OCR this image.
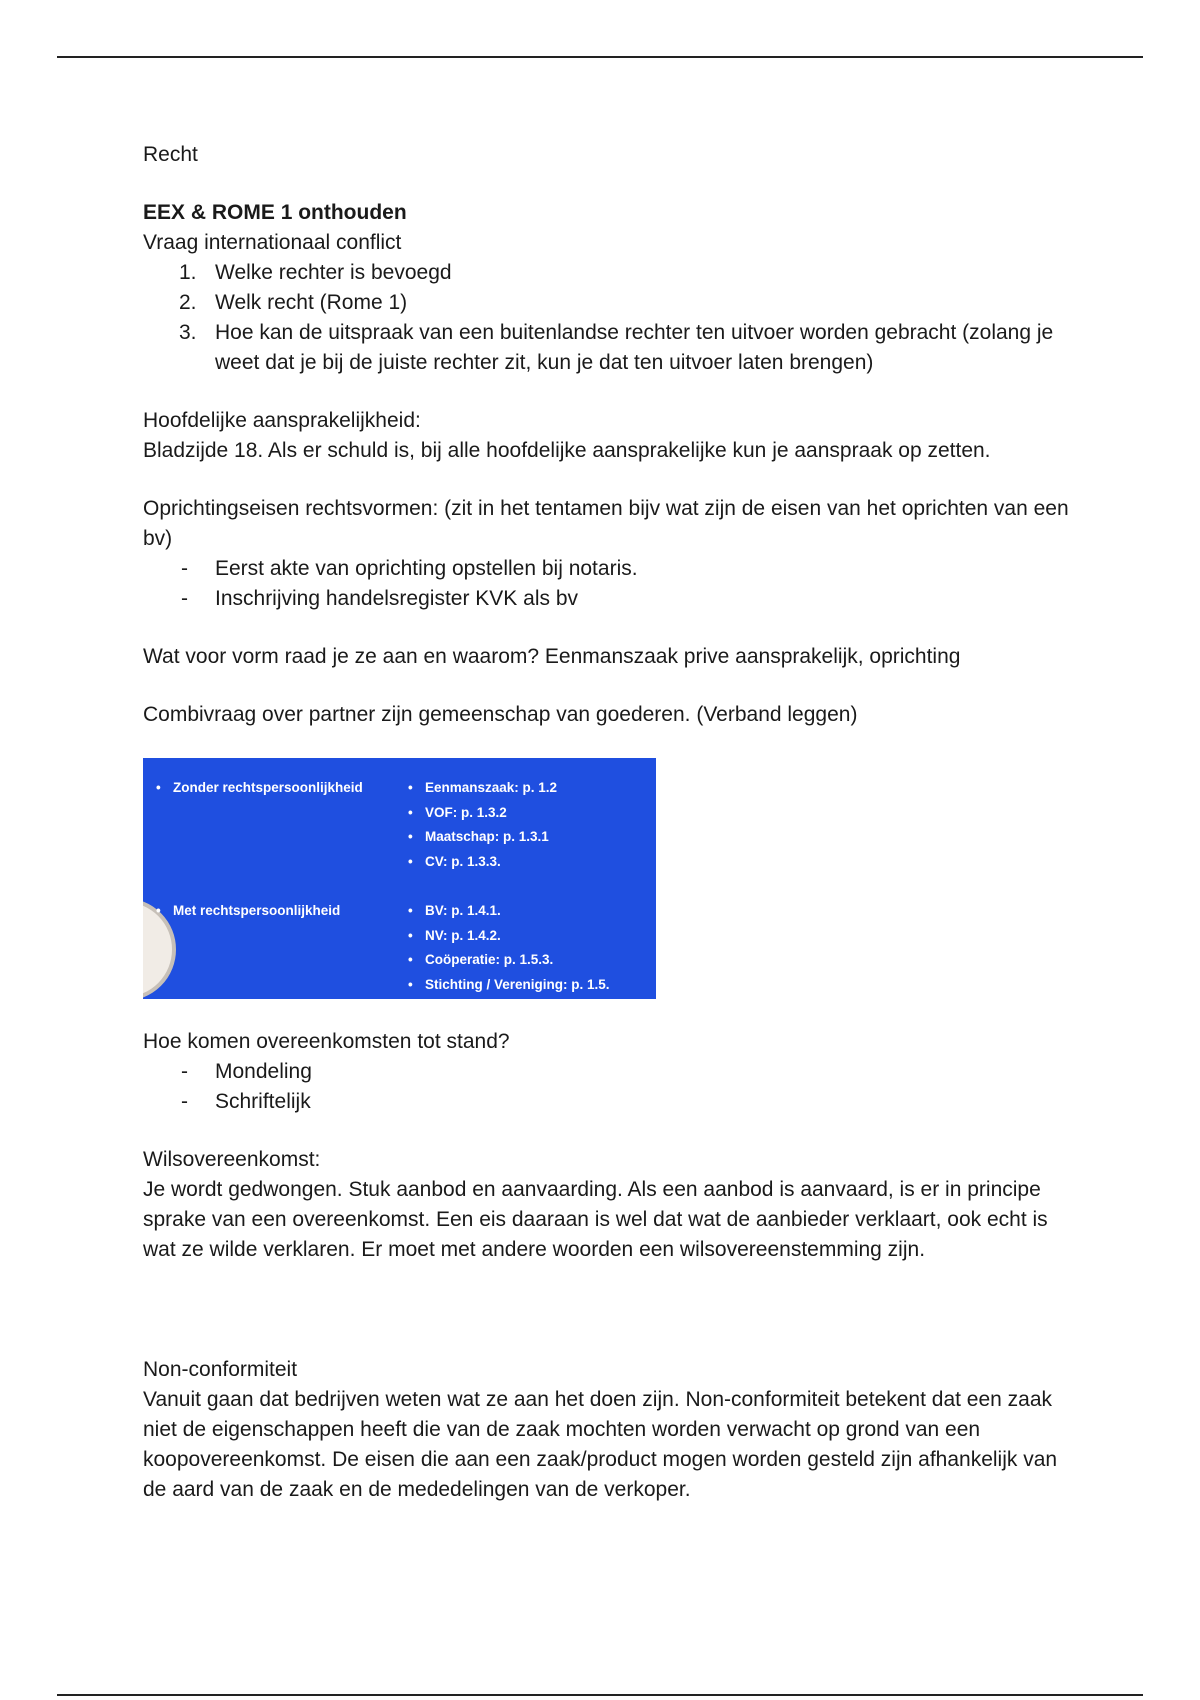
Recht

EEX & ROME 1 onthouden

Vraag internationaal conflict

1. Welke rechter is bevoegd
2. Welk recht (Rome 1)
3. Hoe kan de uitspraak van een buitenlandse rechter ten uitvoer worden gebracht (zolang je weet dat je bij de juiste rechter zit, kun je dat ten uitvoer laten brengen)

Hoofdelijke aansprakelijkheid:

Bladzijde 18. Als er schuld is, bij alle hoofdelijke aansprakelijke kun je aanspraak op zetten.

Oprichtingseisen rechtsvormen: (zit in het tentamen bijv wat zijn de eisen van het oprichten van een bv)

- Eerst akte van oprichting opstellen bij notaris.
- Inschrijving handelsregister KVK als bv

Wat voor vorm raad je ze aan en waarom? Eenmanszaak prive aansprakelijk, oprichting

Combivraag over partner zijn gemeenschap van goederen. (Verband leggen)

• Zonder rechtspersoonlijkheid	• Eenmanszaak: p. 1.2
• VOF: p. 1.3.2
• Maatschap: p. 1.3.1
• CV: p. 1.3.3.
• Met rechtspersoonlijkheid	• BV: p. 1.4.1.
• NV: p. 1.4.2.
• Coöperatie: p. 1.5.3.
• Stichting / Vereniging: p. 1.5.

Hoe komen overeenkomsten tot stand?

- Mondeling
- Schriftelijk

Wilsovereenkomst:

Je wordt gedwongen. Stuk aanbod en aanvaarding. Als een aanbod is aanvaard, is er in principe sprake van een overeenkomst. Een eis daaraan is wel dat wat de aanbieder verklaart, ook echt is wat ze wilde verklaren. Er moet met andere woorden een wilsovereenstemming zijn.

Non-conformiteit

Vanuit gaan dat bedrijven weten wat ze aan het doen zijn. Non-conformiteit betekent dat een zaak niet de eigenschappen heeft die van de zaak mochten worden verwacht op grond van een koopovereenkomst. De eisen die aan een zaak/product mogen worden gesteld zijn afhankelijk van de aard van de zaak en de mededelingen van de verkoper.
